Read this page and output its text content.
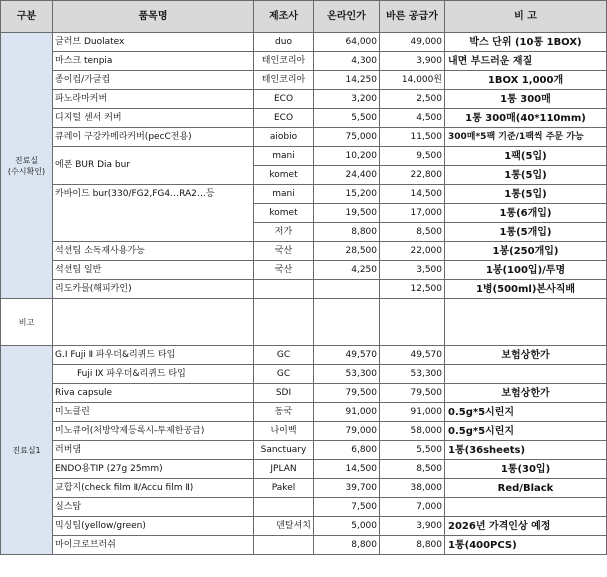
구분	품목명	제조사	온라인가	바른 공급가	비 고
진료실
(수시확인)	글러브 Duolatex	duo	64,000	49,000	박스 단위 (10통 1BOX)
	마스크 tenpia	태인코리아	4,300	3,900	내면 부드러운 재질
	종이컵/가글컵	태인코리아	14,250	14,000원	1BOX 1,000개
	파노라마커버	ECO	3,200	2,500	1통 300매
	디지털 센서 커버	ECO	5,500	4,500	1통 300매(40*110mm)
	큐레이 구강카메라커버(pecC전용)	aiobio	75,000	11,500	300매*5팩 기준/1팩씩 주문 가능
	에폰 BUR Dia bur	mani	10,200	9,500	1팩(5입)
		komet	24,400	22,800	1통(5입)
	카바이드 bur(330/FG2,FG4…RA2…등	mani	15,200	14,500	1통(5입)
		komet	19,500	17,000	1통(6개입)
		저가	8,800	8,500	1통(5개입)
	석션팁 소독재사용가능	국산	28,500	22,000	1봉(250개입)
	석션팁 일반	국산	4,250	3,500	1봉(100입)/투명
	리도카믈(해피카인)			12,500	1병(500ml)본사직배
비고					
진료실1	G.I Fuji Ⅱ 파우더&리퀴드 타입	GC	49,570	49,570	보험상한가
	Fuji Ⅸ 파우더&리퀴드 타입	GC	53,300	53,300	
	Riva capsule	SDI	79,500	79,500	보험상한가
	미노클린	동국	91,000	91,000	0.5g*5시린지
	미노큐어(처방약제등록시-투제한공급)	나이벡	79,000	58,000	0.5g*5시린지
	러버댐	Sanctuary	6,800	5,500	1통(36sheets)
	ENDO용TIP (27g 25mm)	JPLAN	14,500	8,500	1통(30입)
	교합지(check film Ⅱ/Accu film Ⅱ)	Pakel	39,700	38,000	Red/Black
	실스탑		7,500	7,000	
	믹싱팁(yellow/green)	덴탈셔치	5,000	3,900	2026년 가격인상 예정
	마이크로브러쉬		8,800	8,800	1통(400PCS)
